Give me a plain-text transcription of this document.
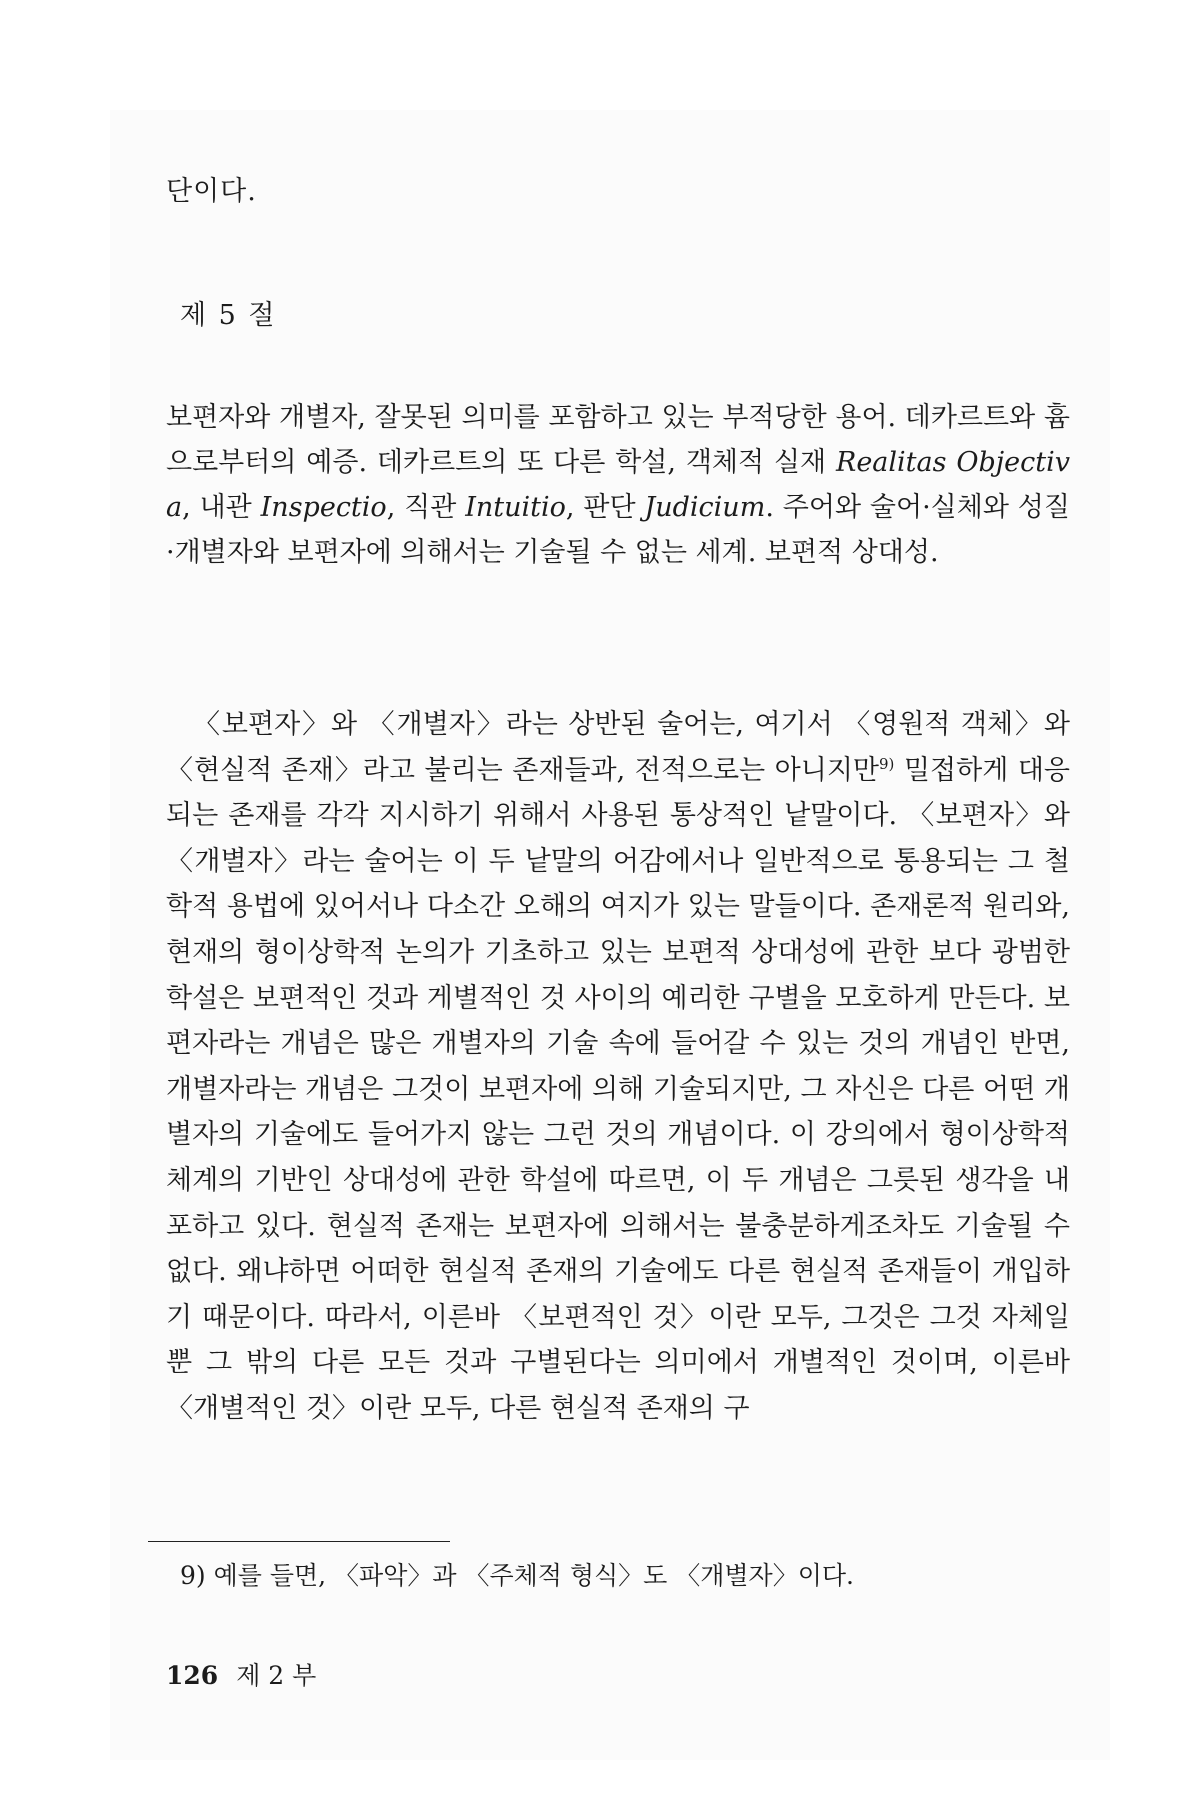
단이다.

제 5 절

보편자와 개별자, 잘못된 의미를 포함하고 있는 부적당한 용어. 데카르트와 흄으로부터의 예증. 데카르트의 또 다른 학설, 객체적 실재 Realitas Objectiva, 내관 Inspectio, 직관 Intuitio, 판단 Judicium. 주어와 술어·실체와 성질·개별자와 보편자에 의해서는 기술될 수 없는 세계. 보편적 상대성.

〈보편자〉와 〈개별자〉라는 상반된 술어는, 여기서 〈영원적 객체〉와 〈현실적 존재〉라고 불리는 존재들과, 전적으로는 아니지만$^{9)}$ 밀접하게 대응되는 존재를 각각 지시하기 위해서 사용된 통상적인 낱말이다. 〈보편자〉와 〈개별자〉라는 술어는 이 두 낱말의 어감에서나 일반적으로 통용되는 그 철학적 용법에 있어서나 다소간 오해의 여지가 있는 말들이다. 존재론적 원리와, 현재의 형이상학적 논의가 기초하고 있는 보편적 상대성에 관한 보다 광범한 학설은 보편적인 것과 게별적인 것 사이의 예리한 구별을 모호하게 만든다. 보편자라는 개념은 많은 개별자의 기술 속에 들어갈 수 있는 것의 개념인 반면, 개별자라는 개념은 그것이 보편자에 의해 기술되지만, 그 자신은 다른 어떤 개별자의 기술에도 들어가지 않는 그런 것의 개념이다. 이 강의에서 형이상학적 체계의 기반인 상대성에 관한 학설에 따르면, 이 두 개념은 그릇된 생각을 내포하고 있다. 현실적 존재는 보편자에 의해서는 불충분하게조차도 기술될 수 없다. 왜냐하면 어떠한 현실적 존재의 기술에도 다른 현실적 존재들이 개입하기 때문이다. 따라서, 이른바 〈보편적인 것〉이란 모두, 그것은 그것 자체일 뿐 그 밖의 다른 모든 것과 구별된다는 의미에서 개별적인 것이며, 이른바 〈개별적인 것〉이란 모두, 다른 현실적 존재의 구

9) 예를 들면, 〈파악〉과 〈주체적 형식〉도 〈개별자〉이다.

126 제 2 부
